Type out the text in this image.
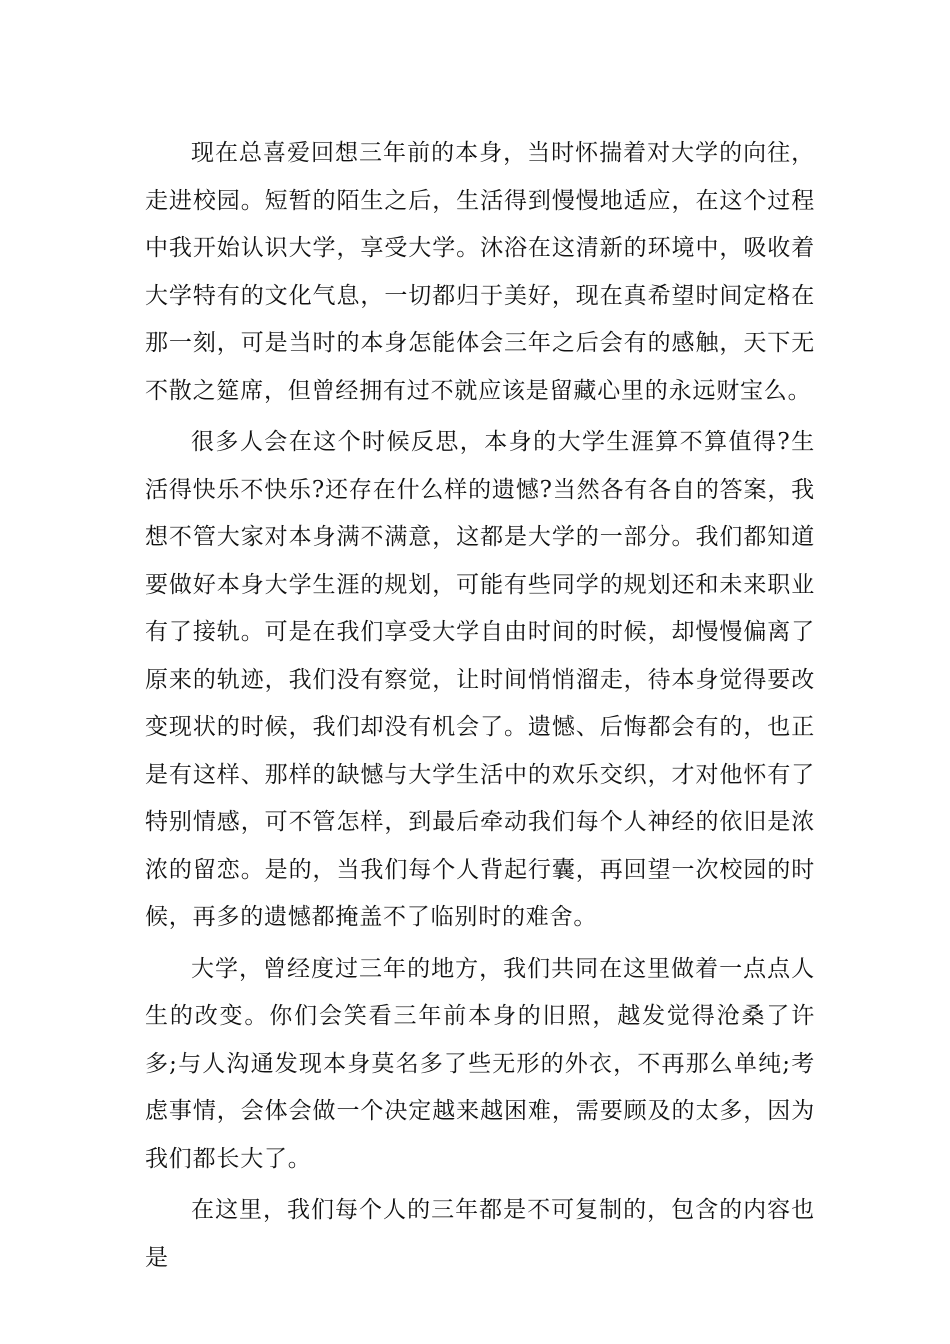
现在总喜爱回想三年前的本身，当时怀揣着对大学的向往，走进校园。短暂的陌生之后，生活得到慢慢地适应，在这个过程中我开始认识大学，享受大学。沐浴在这清新的环境中，吸收着大学特有的文化气息，一切都归于美好，现在真希望时间定格在那一刻，可是当时的本身怎能体会三年之后会有的感触，天下无不散之筵席，但曾经拥有过不就应该是留藏心里的永远财宝么。

很多人会在这个时候反思，本身的大学生涯算不算值得?生活得快乐不快乐?还存在什么样的遗憾?当然各有各自的答案，我想不管大家对本身满不满意，这都是大学的一部分。我们都知道要做好本身大学生涯的规划，可能有些同学的规划还和未来职业有了接轨。可是在我们享受大学自由时间的时候，却慢慢偏离了原来的轨迹，我们没有察觉，让时间悄悄溜走，待本身觉得要改变现状的时候，我们却没有机会了。遗憾、后悔都会有的，也正是有这样、那样的缺憾与大学生活中的欢乐交织，才对他怀有了特别情感，可不管怎样，到最后牵动我们每个人神经的依旧是浓浓的留恋。是的，当我们每个人背起行囊，再回望一次校园的时候，再多的遗憾都掩盖不了临别时的难舍。

大学，曾经度过三年的地方，我们共同在这里做着一点点人生的改变。你们会笑看三年前本身的旧照，越发觉得沧桑了许多;与人沟通发现本身莫名多了些无形的外衣，不再那么单纯;考虑事情，会体会做一个决定越来越困难，需要顾及的太多，因为我们都长大了。

在这里，我们每个人的三年都是不可复制的，包含的内容也是
